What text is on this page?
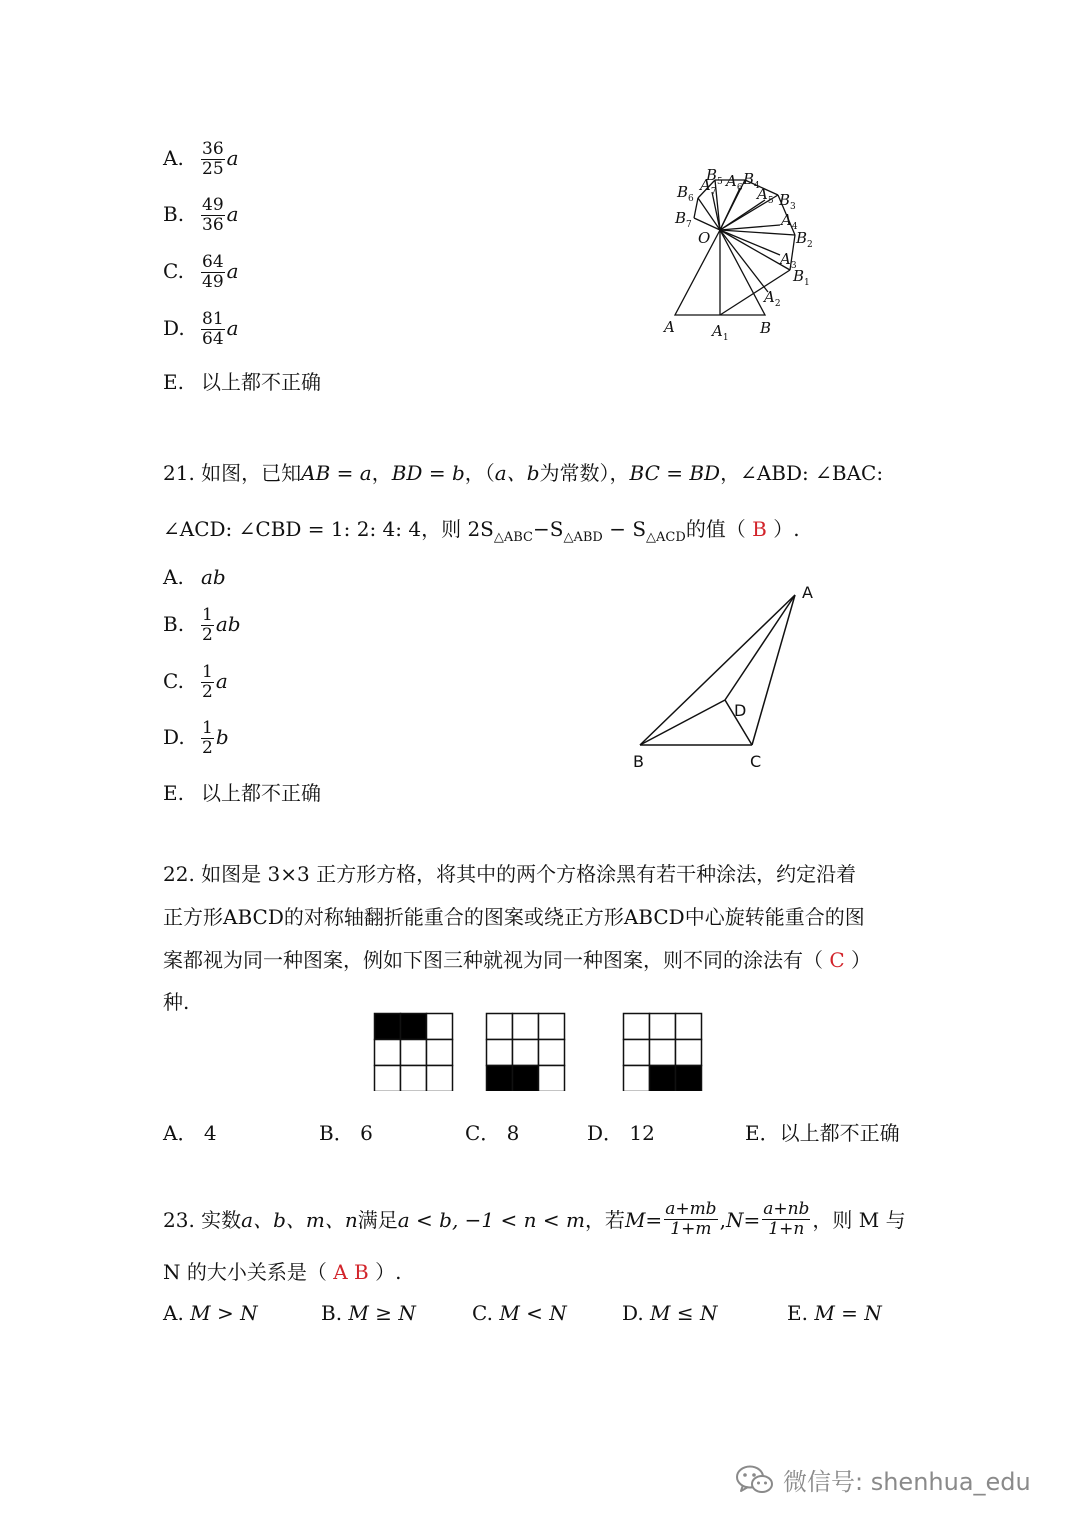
A. $\frac{36}{25}$ a
B. $\frac{49}{36}$ a
C. $\frac{64}{49}$ a
D. $\frac{81}{64}$ a
E. 以上都不正确
O
A $A_1$
B
$A_2$
$B_1$
$A_3$
$B_2$
$A_4$
$B_3$
$A_5$
$B_4$
$A_6$
$B_5$
$A_7$
$B_6$
$B_7$
21. 如图，已知AB = a，BD = b，（a、b为常数），BC = BD，∠ABD: ∠BAC:
∠ACD: ∠CBD = 1: 2: 4: 4，则 $2S_{\triangle ABC}-S_{\triangle ABD} - S_{\triangle ACD}$的值（ B ）.
A. ab
B. $\frac{1}{2}$ ab
C. $\frac{1}{2}$ a
D. $\frac{1}{2}$ b
E. 以上都不正确
A
B	C
D
22. 如图是 3×3 正方形方格，将其中的两个方格涂黑有若干种涂法，约定沿着
正方形ABCD的对称轴翻折能重合的图案或绕正方形ABCD中心旋转能重合的图
案都视为同一种图案，例如下图三种就视为同一种图案，则不同的涂法有（ C ）
种.
A． 4	B． 6	C． 8	D． 12	E．以上都不正确
23. 实数 a、b、m、n 满足 a < b, −1 < n < m ，若 $M = \frac{a+mb}{1+m}$ , $N = \frac{a+nb}{1+n}$ ，则 M 与
N 的大小关系是（ A B ）.
A. M > N	B. M ≥ N	C. M < N	D. M ≤ N	E. M = N
微信号: shenhua_edu
